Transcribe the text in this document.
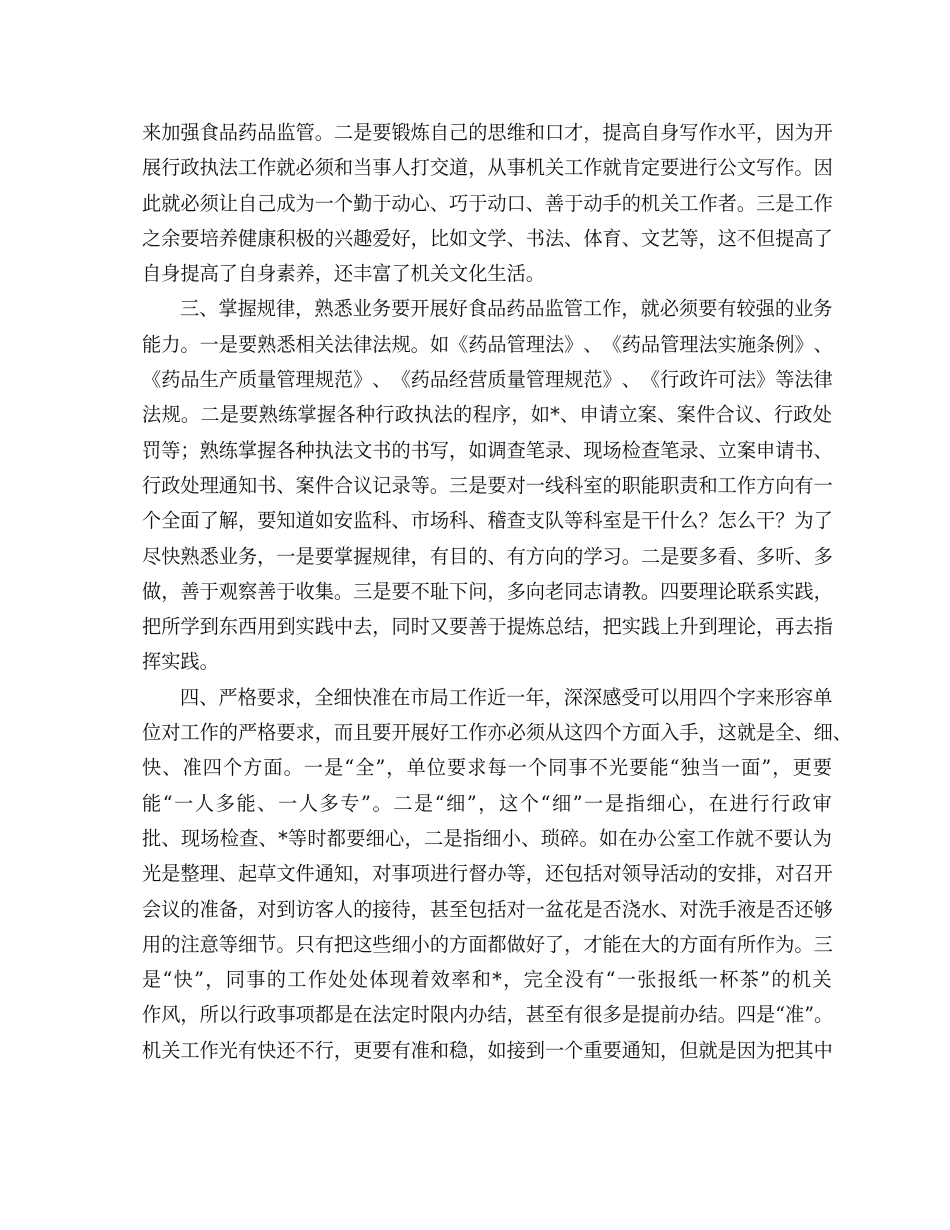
来 加 强 食 品 药 品 监 管 。 二 是 要 锻 炼 自 己 的 思 维 和 口 才 ， 提 高 自 身 写 作 水 平 ， 因 为 开
展 行 政 执 法 工 作 就 必 须 和 当 事 人 打 交 道 ， 从 事 机 关 工 作 就 肯 定 要 进 行 公 文 写 作 。 因
此 就 必 须 让 自 己 成 为 一 个 勤 于 动 心 、 巧 于 动 口 、 善 于 动 手 的 机 关 工 作 者 。 三 是 工 作
之 余 要 培 养 健 康 积 极 的 兴 趣 爱 好 ， 比 如 文 学 、 书 法 、 体 育 、 文 艺 等 ， 这 不 但 提 高 了
自 身 提 高 了 自 身 素 养 ， 还 丰 富 了 机 关 文 化 生 活 。
三 、 掌 握 规 律 ， 熟 悉 业 务 要 开 展 好 食 品 药 品 监 管 工 作 ， 就 必 须 要 有 较 强 的 业 务
能 力 。 一 是 要 熟 悉 相 关 法 律 法 规 。 如 《 药 品 管 理 法 》 、 《 药 品 管 理 法 实 施 条 例 》 、
《 药 品 生 产 质 量 管 理 规 范 》 、 《 药 品 经 营 质 量 管 理 规 范 》 、 《 行 政 许 可 法 》 等 法 律
法 规 。 二 是 要 熟 练 掌 握 各 种 行 政 执 法 的 程 序 ， 如 * 、 申 请 立 案 、 案 件 合 议 、 行 政 处
罚 等 ； 熟 练 掌 握 各 种 执 法 文 书 的 书 写 ， 如 调 查 笔 录 、 现 场 检 查 笔 录 、 立 案 申 请 书 、
行 政 处 理 通 知 书 、 案 件 合 议 记 录 等 。 三 是 要 对 一 线 科 室 的 职 能 职 责 和 工 作 方 向 有 一
个 全 面 了 解 ， 要 知 道 如 安 监 科 、 市 场 科 、 稽 查 支 队 等 科 室 是 干 什 么 ？ 怎 么 干 ？ 为 了
尽 快 熟 悉 业 务 ， 一 是 要 掌 握 规 律 ， 有 目 的 、 有 方 向 的 学 习 。 二 是 要 多 看 、 多 听 、 多
做 ， 善 于 观 察 善 于 收 集 。 三 是 要 不 耻 下 问 ， 多 向 老 同 志 请 教 。 四 要 理 论 联 系 实 践 ，
把 所 学 到 东 西 用 到 实 践 中 去 ， 同 时 又 要 善 于 提 炼 总 结 ， 把 实 践 上 升 到 理 论 ， 再 去 指
挥 实 践 。
四 、 严 格 要 求 ， 全 细 快 准 在 市 局 工 作 近 一 年 ， 深 深 感 受 可 以 用 四 个 字 来 形 容 单
位 对 工 作 的 严 格 要 求 ， 而 且 要 开 展 好 工 作 亦 必 须 从 这 四 个 方 面 入 手 ， 这 就 是 全 、 细 、
快 、 准 四 个 方 面 。 一 是 “ 全 ” ， 单 位 要 求 每 一 个 同 事 不 光 要 能 “ 独 当 一 面 ” ， 更 要
能 “ 一 人 多 能 、 一 人 多 专 ” 。 二 是 “ 细 ” ， 这 个 “ 细 ” 一 是 指 细 心 ， 在 进 行 行 政 审
批 、 现 场 检 查 、 * 等 时 都 要 细 心 ， 二 是 指 细 小 、 琐 碎 。 如 在 办 公 室 工 作 就 不 要 认 为
光 是 整 理 、 起 草 文 件 通 知 ， 对 事 项 进 行 督 办 等 ， 还 包 括 对 领 导 活 动 的 安 排 ， 对 召 开
会 议 的 准 备 ， 对 到 访 客 人 的 接 待 ， 甚 至 包 括 对 一 盆 花 是 否 浇 水 、 对 洗 手 液 是 否 还 够
用 的 注 意 等 细 节 。 只 有 把 这 些 细 小 的 方 面 都 做 好 了 ， 才 能 在 大 的 方 面 有 所 作 为 。 三
是 “ 快 ” ， 同 事 的 工 作 处 处 体 现 着 效 率 和 * ， 完 全 没 有 “ 一 张 报 纸 一 杯 茶 ” 的 机 关
作 风 ， 所 以 行 政 事 项 都 是 在 法 定 时 限 内 办 结 ， 甚 至 有 很 多 是 提 前 办 结 。 四 是 “ 准 ” 。
机 关 工 作 光 有 快 还 不 行 ， 更 要 有 准 和 稳 ， 如 接 到 一 个 重 要 通 知 ， 但 就 是 因 为 把 其 中
